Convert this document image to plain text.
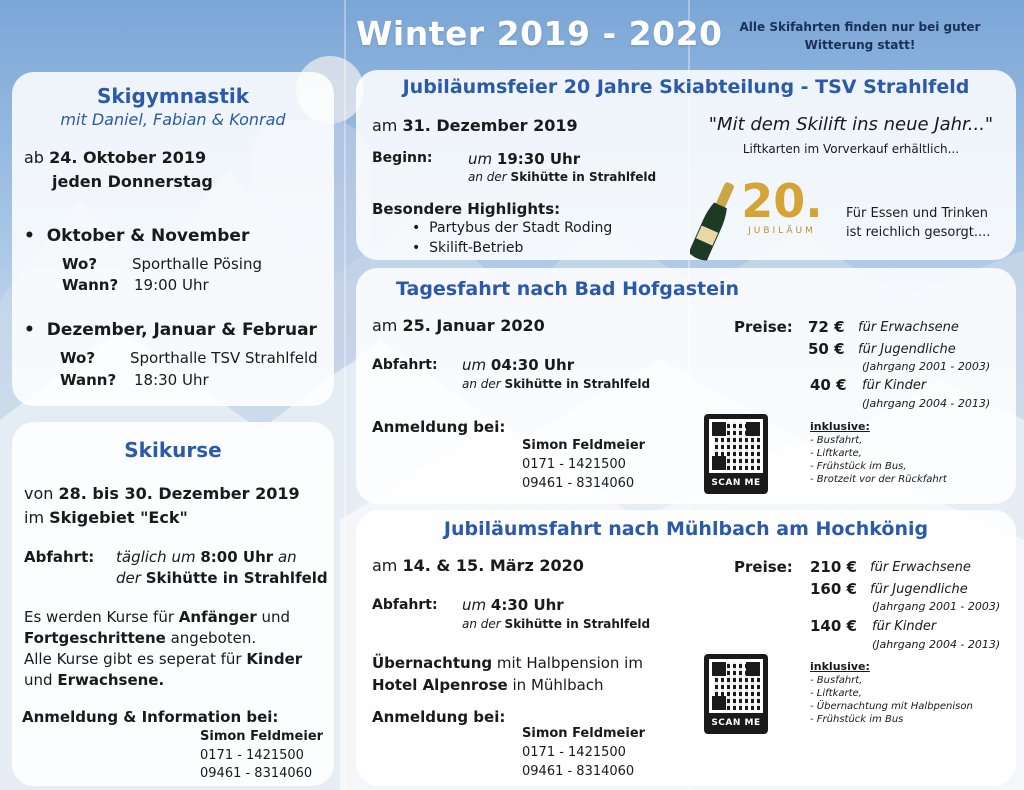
Winter 2019 - 2020	Alle Skifahrten finden nur bei guter
Witterung statt!
Skigymnastik
mit Daniel, Fabian & Konrad
ab 24. Oktober 2019
jeden Donnerstag
•  Oktober & November
Wo? Sporthalle Pösing
Wann? 19:00 Uhr
•  Dezember, Januar & Februar
Wo? Sporthalle TSV Strahlfeld
Wann? 18:30 Uhr
Skikurse
von 28. bis 30. Dezember 2019
im Skigebiet "Eck"
Abfahrt: täglich um 8:00 Uhr an
der Skihütte in Strahlfeld
Es werden Kurse für Anfänger und
Fortgeschrittene angeboten.
Alle Kurse gibt es seperat für Kinder
und Erwachsene.
Anmeldung & Information bei:
Simon Feldmeier
0171 - 1421500
09461 - 8314060
Jubiläumsfeier 20 Jahre Skiabteilung - TSV Strahlfeld
am 31. Dezember 2019
Beginn: um 19:30 Uhr
an der Skihütte in Strahlfeld
Besondere Highlights:
•  Partybus der Stadt Roding
•  Skilift-Betrieb
"Mit dem Skilift ins neue Jahr..."
Liftkarten im Vorverkauf erhältlich...
Für Essen und Trinken
ist reichlich gesorgt....
20.
JUBILÄUM
Tagesfahrt nach Bad Hofgastein
am 25. Januar 2020
Abfahrt: um 04:30 Uhr
an der Skihütte in Strahlfeld
Anmeldung bei:
Simon Feldmeier
0171 - 1421500
09461 - 8314060
Preise: 72 € für Erwachsene
50 € für Jugendliche
(Jahrgang 2001 - 2003)
40 € für Kinder
(Jahrgang 2004 - 2013)
inklusive:
- Busfahrt,
- Liftkarte,
- Frühstück im Bus,
- Brotzeit vor der Rückfahrt
SCAN ME
Jubiläumsfahrt nach Mühlbach am Hochkönig
am 14. & 15. März 2020
Abfahrt: um 4:30 Uhr
an der Skihütte in Strahlfeld
Übernachtung mit Halbpension im
Hotel Alpenrose in Mühlbach
Anmeldung bei:
Simon Feldmeier
0171 - 1421500
09461 - 8314060
Preise: 210 € für Erwachsene
160 € für Jugendliche
(Jahrgang 2001 - 2003)
140 € für Kinder
(Jahrgang 2004 - 2013)
inklusive:
- Busfahrt,
- Liftkarte,
- Übernachtung mit Halbpenison
- Frühstück im Bus
SCAN ME
